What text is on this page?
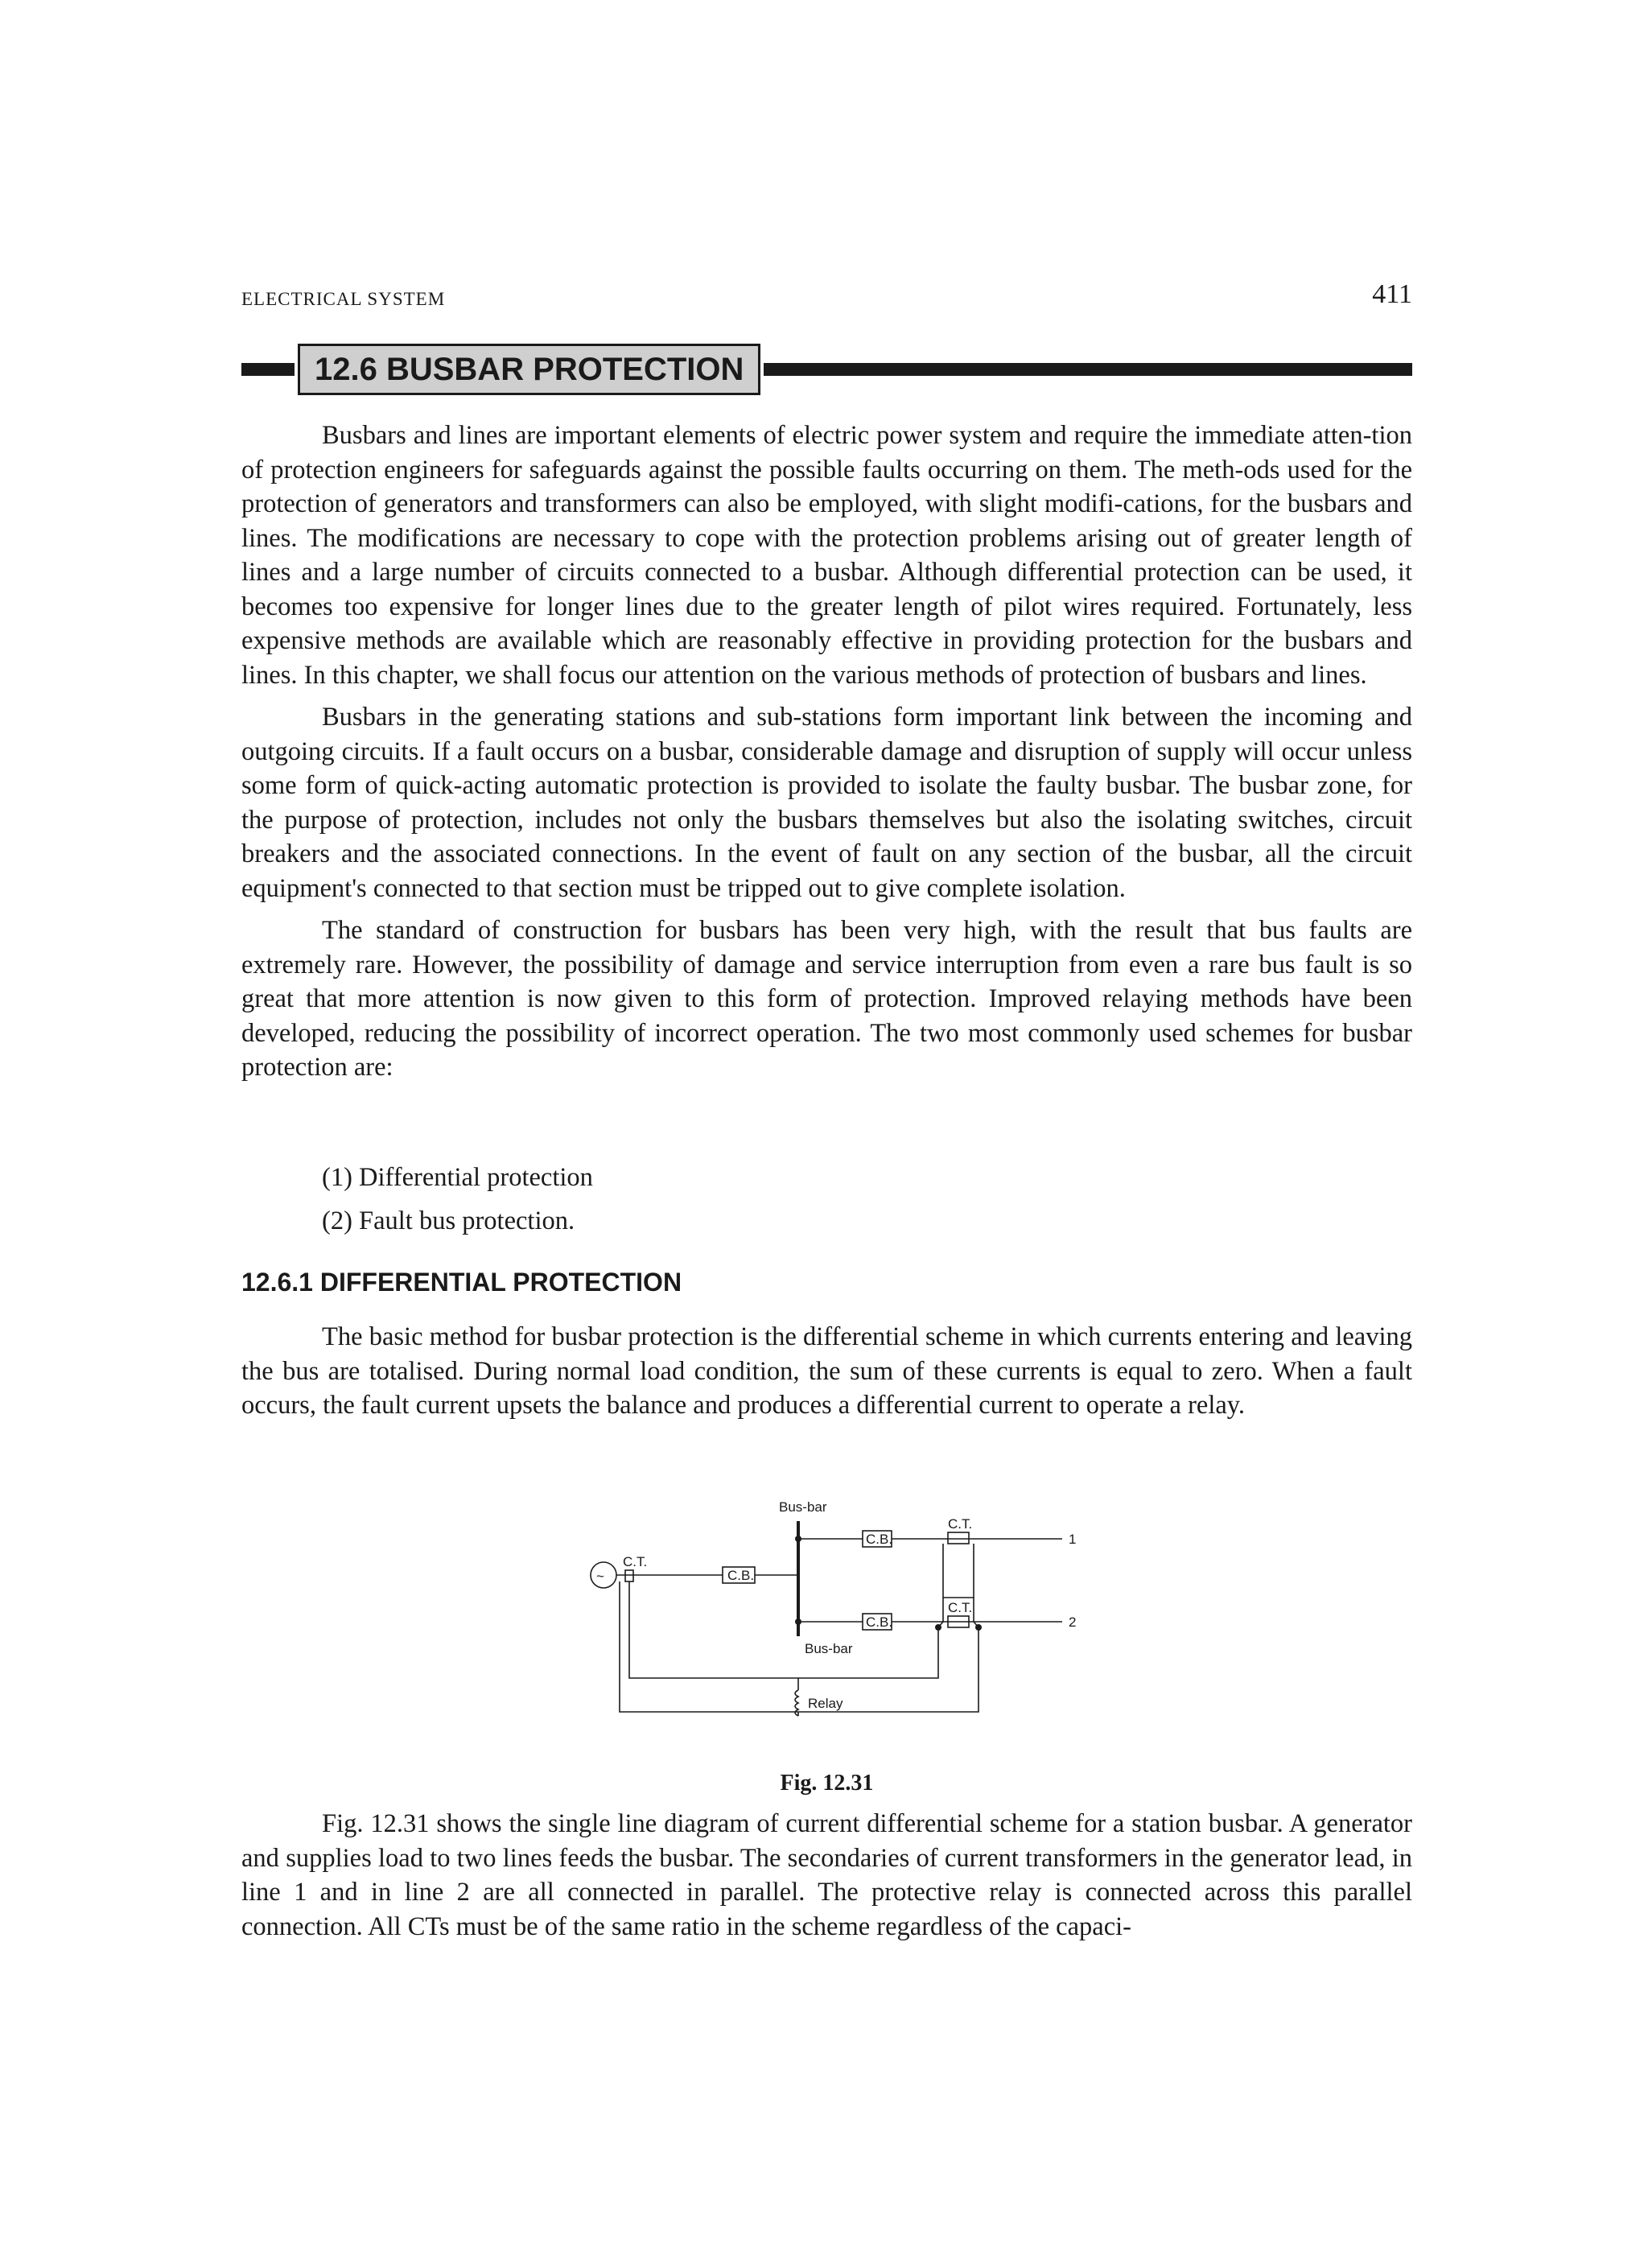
ELECTRICAL SYSTEM	411
12.6 BUSBAR PROTECTION

Busbars and lines are important elements of electric power system and require the immediate atten-tion of protection engineers for safeguards against the possible faults occurring on them. The meth-ods used for the protection of generators and transformers can also be employed, with slight modifi-cations, for the busbars and lines. The modifications are necessary to cope with the protection problems arising out of greater length of lines and a large number of circuits connected to a busbar. Although differential protection can be used, it becomes too expensive for longer lines due to the greater length of pilot wires required. Fortunately, less expensive methods are available which are reasonably effective in providing protection for the busbars and lines. In this chapter, we shall focus our attention on the various methods of protection of busbars and lines.

Busbars in the generating stations and sub-stations form important link between the incoming and outgoing circuits. If a fault occurs on a busbar, considerable damage and disruption of supply will occur unless some form of quick-acting automatic protection is provided to isolate the faulty busbar. The busbar zone, for the purpose of protection, includes not only the busbars themselves but also the isolating switches, circuit breakers and the associated connections. In the event of fault on any section of the busbar, all the circuit equipment's connected to that section must be tripped out to give complete isolation.

The standard of construction for busbars has been very high, with the result that bus faults are extremely rare. However, the possibility of damage and service interruption from even a rare bus fault is so great that more attention is now given to this form of protection. Improved relaying methods have been developed, reducing the possibility of incorrect operation. The two most commonly used schemes for busbar protection are:

(1) Differential protection
(2) Fault bus protection.
12.6.1 DIFFERENTIAL PROTECTION

The basic method for busbar protection is the differential scheme in which currents entering and leaving the bus are totalised. During normal load condition, the sum of these currents is equal to zero. When a fault occurs, the fault current upsets the balance and produces a differential current to operate a relay.

~
Bus-bar
Bus-bar
C.B.
C.B.
C.B.
C.T.
C.T.
C.T.
1
2
Relay
Fig. 12.31

Fig. 12.31 shows the single line diagram of current differential scheme for a station busbar. A generator and supplies load to two lines feeds the busbar. The secondaries of current transformers in the generator lead, in line 1 and in line 2 are all connected in parallel. The protective relay is connected across this parallel connection. All CTs must be of the same ratio in the scheme regardless of the capaci-
